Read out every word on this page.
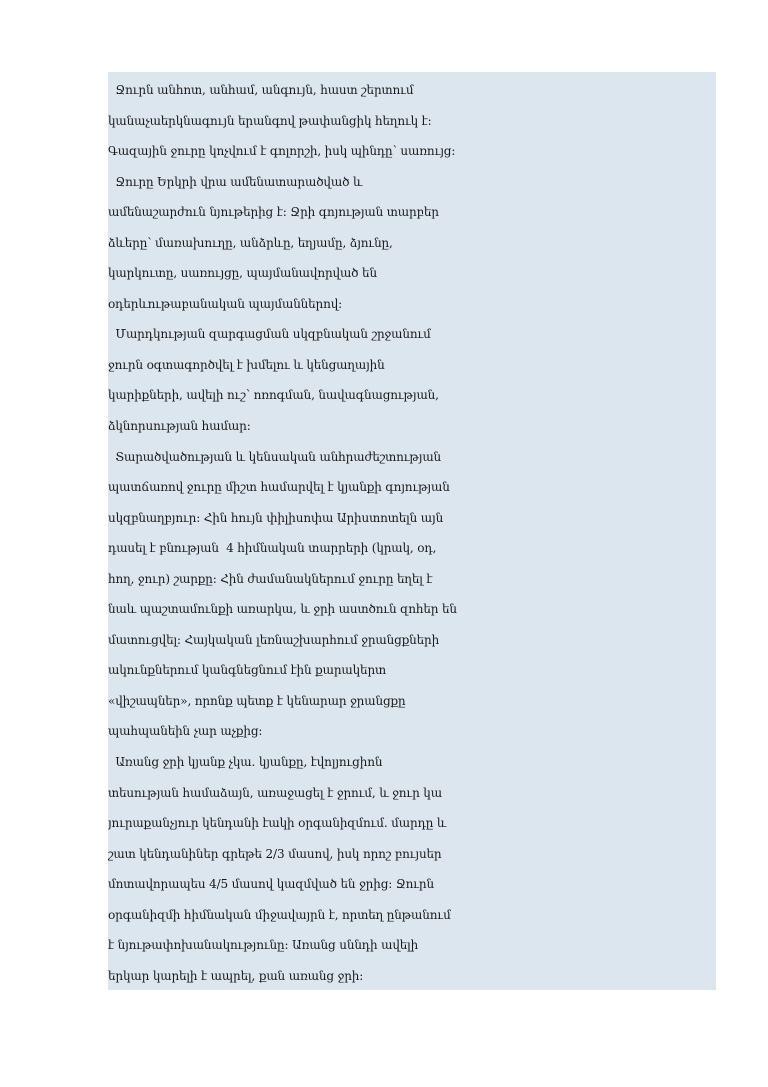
Ջուրն անհոտ, անհամ, անգույն, հաստ շերտում
կանաչաերկնագույն երանգով թափանցիկ հեղուկ է:
Գազային ջուրը կոչվում է գոլորշի, իսկ պինդը՝ սառույց:
Ջուրը Երկրի վրա ամենատարածված և
ամենաշարժուն նյութերից է: Ջրի գոյության տարբեր
ձևերը՝ մառախուղը, անձրևը, եղյամը, ձյունը,
կարկուտը, սառույցը, պայմանավորված են
օդերևութաբանական պայմաններով:
Մարդկության զարգացման սկզբնական շրջանում
ջուրն օգտագործվել է խմելու և կենցաղային
կարիքների, ավելի ուշ՝ ոռոգման, նավագնացության,
ձկնորսության համար:
Տարածվածության և կենսական անհրաժեշտության
պատճառով ջուրը միշտ համարվել է կյանքի գոյության
սկզբնաղբյուր: Հին հույն փիլիսոփա Արիստոտելն այն
դասել է բնության  4 հիմնական տարրերի (կրակ, օդ,
հող, ջուր) շարքը: Հին ժամանակներում ջուրը եղել է
նաև պաշտամունքի առարկա, և ջրի աստծուն զոհեր են
մատուցվել: Հայկական լեռնաշխարհում ջրանցքների
ակունքներում կանգնեցնում էին քարակերտ
«վիշապներ», որոնք պետք է կենարար ջրանցքը
պահպանեին չար աչքից:
Առանց ջրի կյանք չկա. կյանքը, էվոլյուցիոն
տեսության համաձայն, առաջացել է ջրում, և ջուր կա
յուրաքանչյուր կենդանի էակի օրգանիզմում. մարդը և
շատ կենդանիներ գրեթե 2/3 մասով, իսկ որոշ բույսեր
մոտավորապես 4/5 մասով կազմված են ջրից: Ջուրն
օրգանիզմի հիմնական միջավայրն է, որտեղ ընթանում
է նյութափոխանակությունը: Առանց սննդի ավելի
երկար կարելի է ապրել, քան առանց ջրի:
